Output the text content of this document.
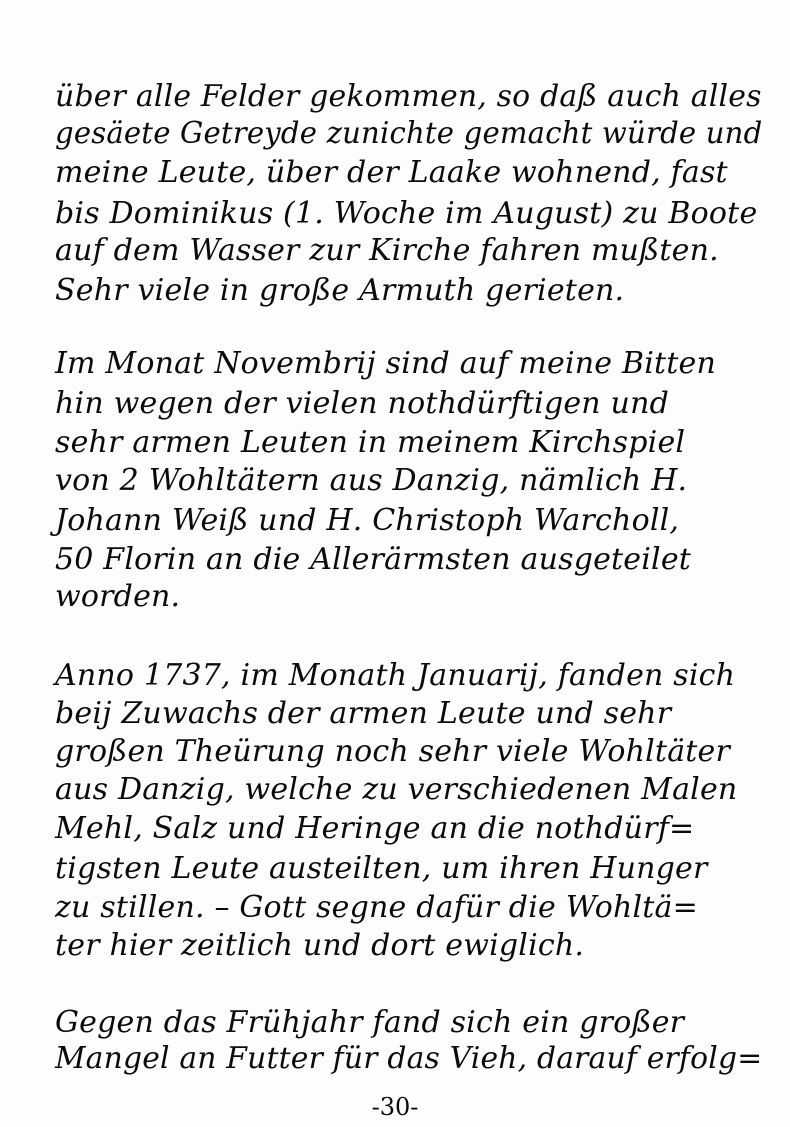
über alle Felder gekommen, so daß auch alles
gesäete Getreyde zunichte gemacht würde und
meine Leute, über der Laake wohnend, fast
bis Dominikus (1. Woche im August) zu Boote
auf dem Wasser zur Kirche fahren mußten.
Sehr viele in große Armuth gerieten.
Im Monat Novembrij sind auf meine Bitten
hin wegen der vielen nothdürftigen und
sehr armen Leuten in meinem Kirchspiel
von 2 Wohltätern aus Danzig, nämlich H.
Johann Weiß und H. Christoph Warcholl,
50 Florin an die Allerärmsten ausgeteilet
worden.
Anno 1737, im Monath Januarij, fanden sich
beij Zuwachs der armen Leute und sehr
großen Theürung noch sehr viele Wohltäter
aus Danzig, welche zu verschiedenen Malen
Mehl, Salz und Heringe an die nothdürf=
tigsten Leute austeilten, um ihren Hunger
zu stillen. – Gott segne dafür die Wohltä=
ter hier zeitlich und dort ewiglich.
Gegen das Frühjahr fand sich ein großer
Mangel an Futter für das Vieh, darauf erfolg=
-30-
